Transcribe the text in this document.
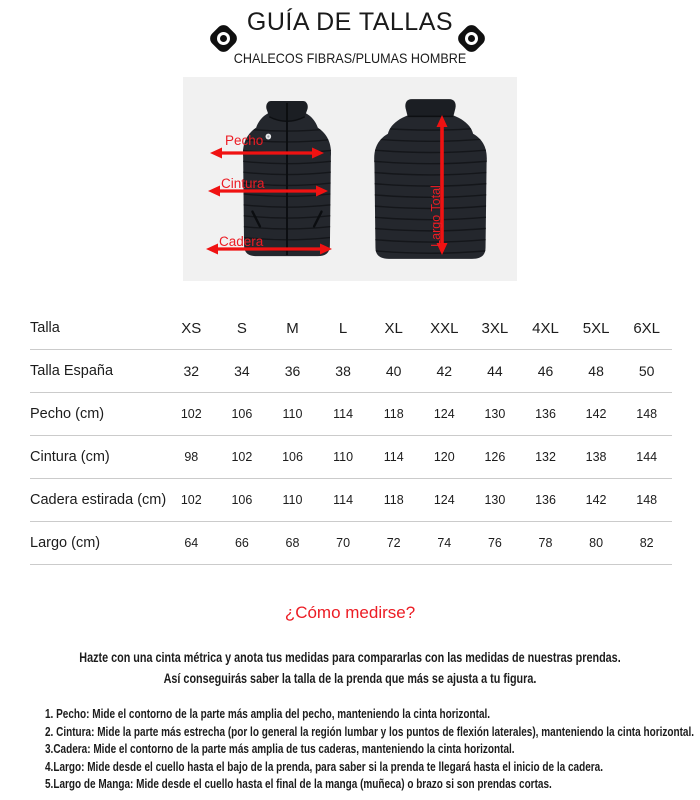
GUÍA DE TALLAS
CHALECOS FIBRAS/PLUMAS HOMBRE
Pecho
Cintura
Cadera	Largo Total
Talla	XS	S	M	L	XL	XXL	3XL	4XL	5XL	6XL
Talla España	32	34	36	38	40	42	44	46	48	50
Pecho (cm)	102	106	110	114	118	124	130	136	142	148
Cintura (cm)	98	102	106	110	114	120	126	132	138	144
Cadera estirada (cm)	102	106	110	114	118	124	130	136	142	148
Largo (cm)	64	66	68	70	72	74	76	78	80	82
¿Cómo medirse?
Hazte con una cinta métrica y anota tus medidas para compararlas con las medidas de nuestras prendas.
Así conseguirás saber la talla de la prenda que más se ajusta a tu figura.
1. Pecho: Mide el contorno de la parte más amplia del pecho, manteniendo la cinta horizontal.
2. Cintura: Mide la parte más estrecha (por lo general la región lumbar y los puntos de flexión laterales), manteniendo la cinta horizontal.
3.Cadera: Mide el contorno de la parte más amplia de tus caderas, manteniendo la cinta horizontal.
4.Largo: Mide desde el cuello hasta el bajo de la prenda, para saber si la prenda te llegará hasta el inicio de la cadera.
5.Largo de Manga: Mide desde el cuello hasta el final de la manga (muñeca) o brazo si son prendas cortas.
